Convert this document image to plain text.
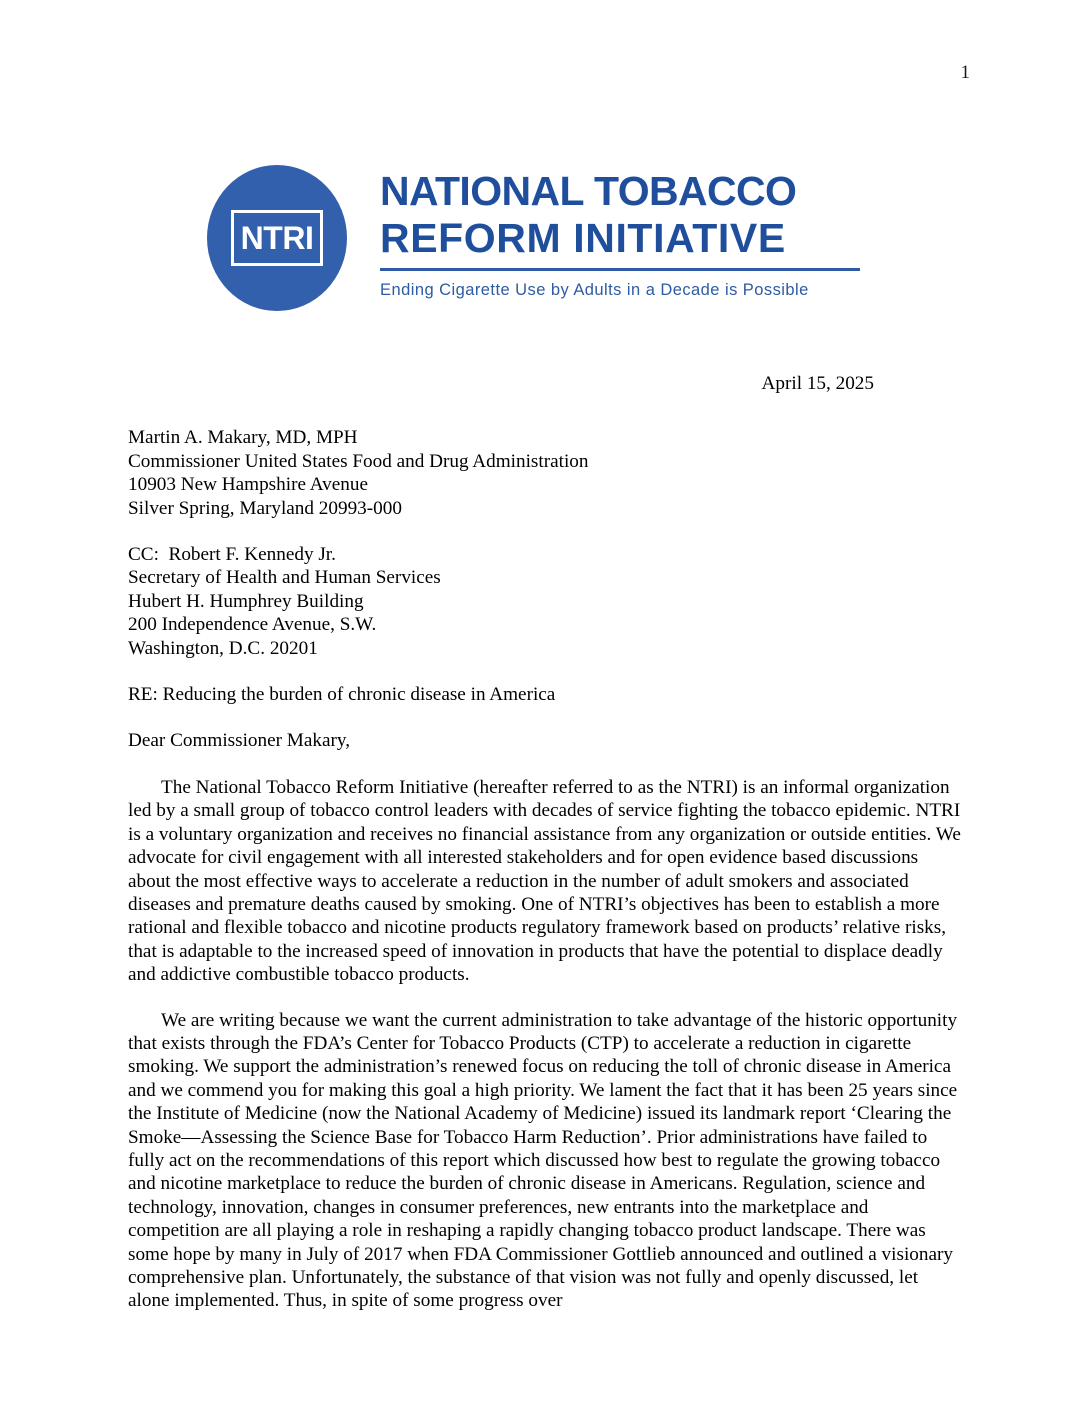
1
NTRI
NATIONAL TOBACCO
REFORM INITIATIVE
Ending Cigarette Use by Adults in a Decade is Possible

April 15, 2025

Martin A. Makary, MD, MPH

Commissioner United States Food and Drug Administration

10903 New Hampshire Avenue

Silver Spring, Maryland 20993-000

CC:  Robert F. Kennedy Jr.

Secretary of Health and Human Services

Hubert H. Humphrey Building

200 Independence Avenue, S.W.

Washington, D.C. 20201

RE: Reducing the burden of chronic disease in America

Dear Commissioner Makary,

The National Tobacco Reform Initiative (hereafter referred to as the NTRI) is an informal organization led by a small group of tobacco control leaders with decades of service fighting the tobacco epidemic. NTRI is a voluntary organization and receives no financial assistance from any organization or outside entities. We advocate for civil engagement with all interested stakeholders and for open evidence based discussions about the most effective ways to accelerate a reduction in the number of adult smokers and associated diseases and premature deaths caused by smoking. One of NTRI’s objectives has been to establish a more rational and flexible tobacco and nicotine products regulatory framework based on products’ relative risks, that is adaptable to the increased speed of innovation in products that have the potential to displace deadly and addictive combustible tobacco products.

We are writing because we want the current administration to take advantage of the historic opportunity that exists through the FDA’s Center for Tobacco Products (CTP) to accelerate a reduction in cigarette smoking. We support the administration’s renewed focus on reducing the toll of chronic disease in America and we commend you for making this goal a high priority. We lament the fact that it has been 25 years since the Institute of Medicine (now the National Academy of Medicine) issued its landmark report ‘Clearing the Smoke—Assessing the Science Base for Tobacco Harm Reduction’. Prior administrations have failed to fully act on the recommendations of this report which discussed how best to regulate the growing tobacco and nicotine marketplace to reduce the burden of chronic disease in Americans. Regulation, science and technology, innovation, changes in consumer preferences, new entrants into the marketplace and competition are all playing a role in reshaping a rapidly changing tobacco product landscape. There was some hope by many in July of 2017 when FDA Commissioner Gottlieb announced and outlined a visionary comprehensive plan. Unfortunately, the substance of that vision was not fully and openly discussed, let alone implemented. Thus, in spite of some progress over
